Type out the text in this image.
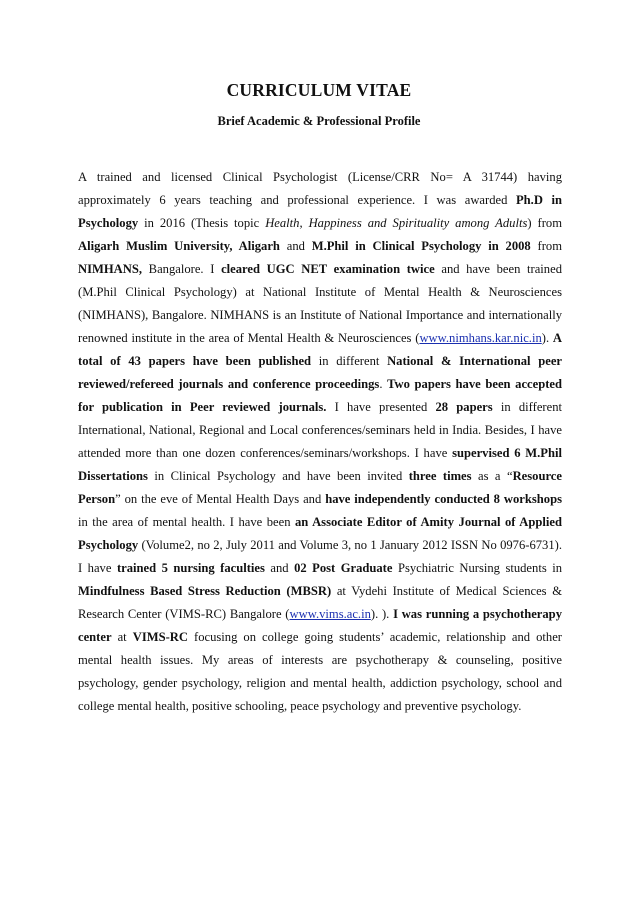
CURRICULUM VITAE
Brief Academic & Professional Profile

A trained and licensed Clinical Psychologist (License/CRR No= A 31744) having approximately 6 years teaching and professional experience. I was awarded Ph.D in Psychology in 2016 (Thesis topic Health, Happiness and Spirituality among Adults) from Aligarh Muslim University, Aligarh and M.Phil in Clinical Psychology in 2008 from NIMHANS, Bangalore. I cleared UGC NET examination twice and have been trained (M.Phil Clinical Psychology) at National Institute of Mental Health & Neurosciences (NIMHANS), Bangalore. NIMHANS is an Institute of National Importance and internationally renowned institute in the area of Mental Health & Neurosciences (www.nimhans.kar.nic.in). A total of 43 papers have been published in different National & International peer reviewed/refereed journals and conference proceedings. Two papers have been accepted for publication in Peer reviewed journals. I have presented 28 papers in different International, National, Regional and Local conferences/seminars held in India. Besides, I have attended more than one dozen conferences/seminars/workshops. I have supervised 6 M.Phil Dissertations in Clinical Psychology and have been invited three times as a “Resource Person” on the eve of Mental Health Days and have independently conducted 8 workshops in the area of mental health. I have been an Associate Editor of Amity Journal of Applied Psychology (Volume2, no 2, July 2011 and Volume 3, no 1 January 2012 ISSN No 0976-6731). I have trained 5 nursing faculties and 02 Post Graduate Psychiatric Nursing students in Mindfulness Based Stress Reduction (MBSR) at Vydehi Institute of Medical Sciences & Research Center (VIMS-RC) Bangalore (www.vims.ac.in). ). I was running a psychotherapy center at VIMS-RC focusing on college going students’ academic, relationship and other mental health issues. My areas of interests are psychotherapy & counseling, positive psychology, gender psychology, religion and mental health, addiction psychology, school and college mental health, positive schooling, peace psychology and preventive psychology.
